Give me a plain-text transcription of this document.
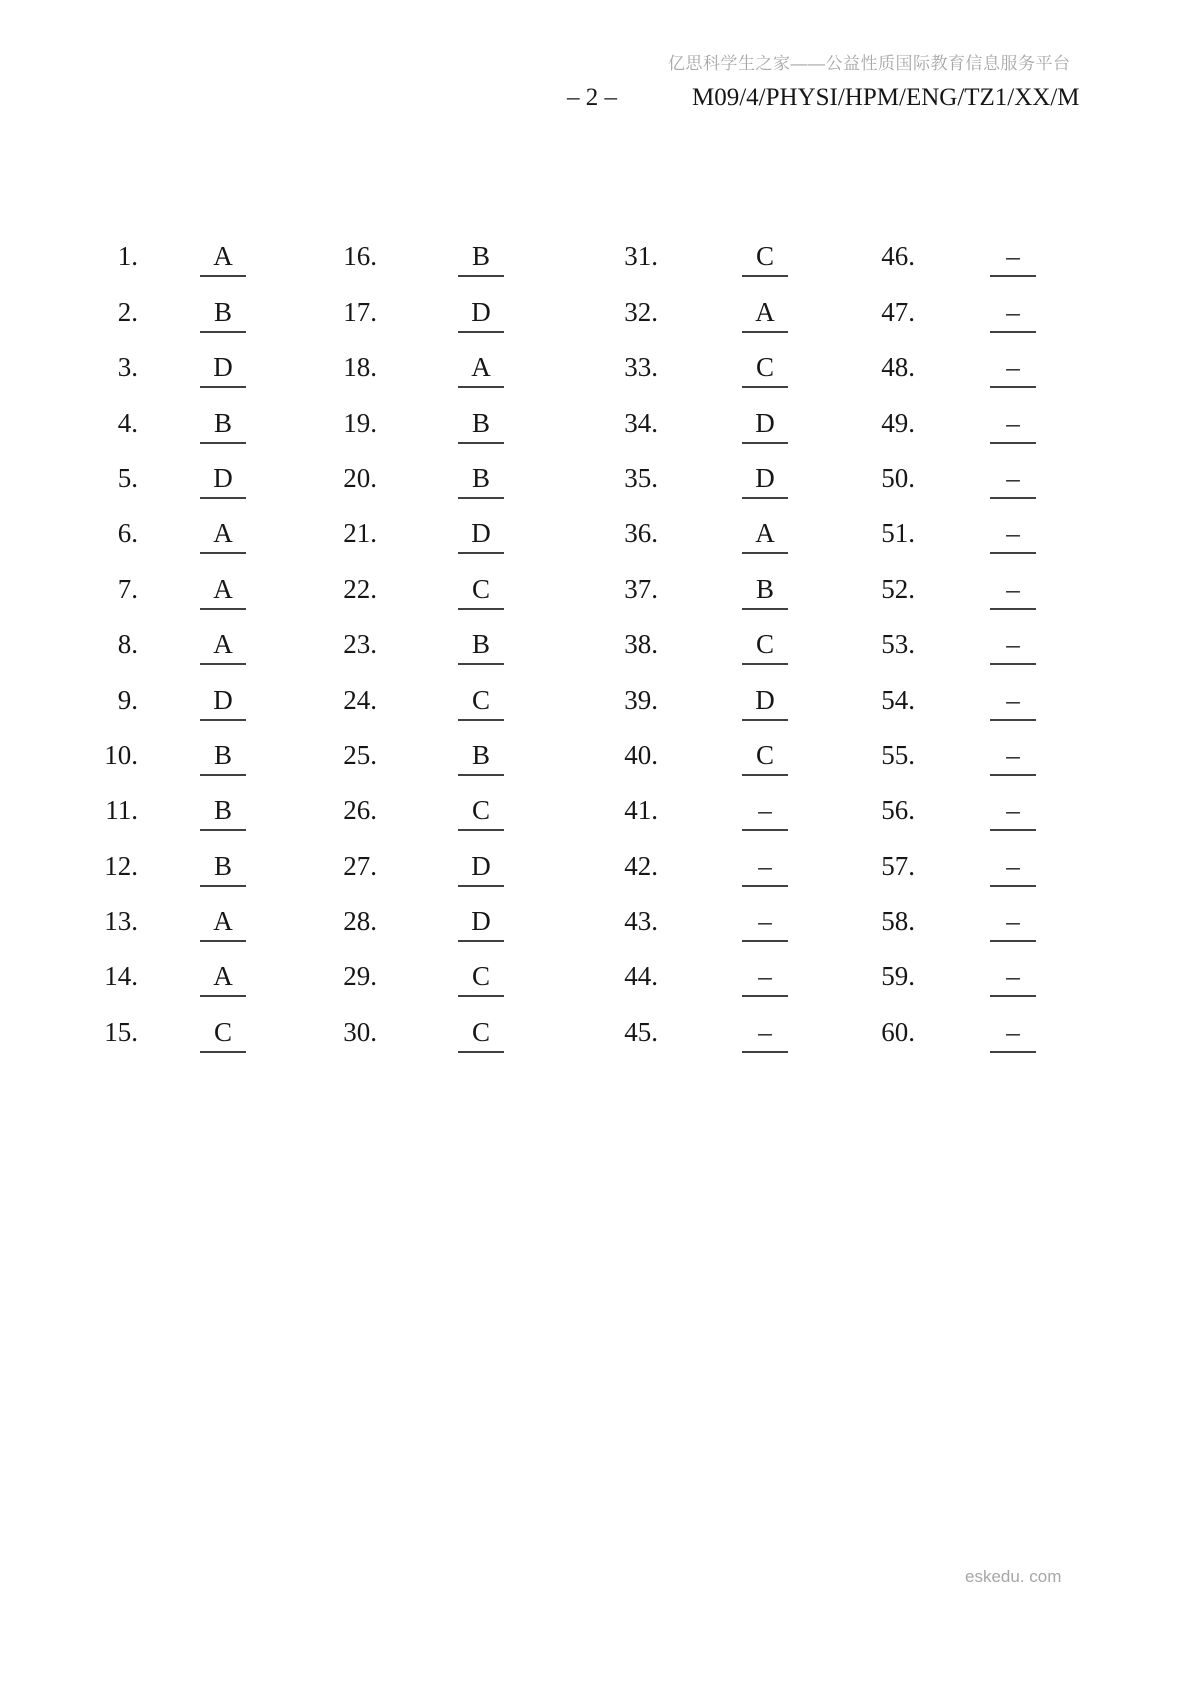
亿思科学生之家——公益性质国际教育信息服务平台
– 2 –	M09/4/PHYSI/HPM/ENG/TZ1/XX/M
1.	A	16.	B	31.	C	46.	–
2.	B	17.	D	32.	A	47.	–
3.	D	18.	A	33.	C	48.	–
4.	B	19.	B	34.	D	49.	–
5.	D	20.	B	35.	D	50.	–
6.	A	21.	D	36.	A	51.	–
7.	A	22.	C	37.	B	52.	–
8.	A	23.	B	38.	C	53.	–
9.	D	24.	C	39.	D	54.	–
10.	B	25.	B	40.	C	55.	–
11.	B	26.	C	41.	–	56.	–
12.	B	27.	D	42.	–	57.	–
13.	A	28.	D	43.	–	58.	–
14.	A	29.	C	44.	–	59.	–
15.	C	30.	C	45.	–	60.	–
eskedu. com
